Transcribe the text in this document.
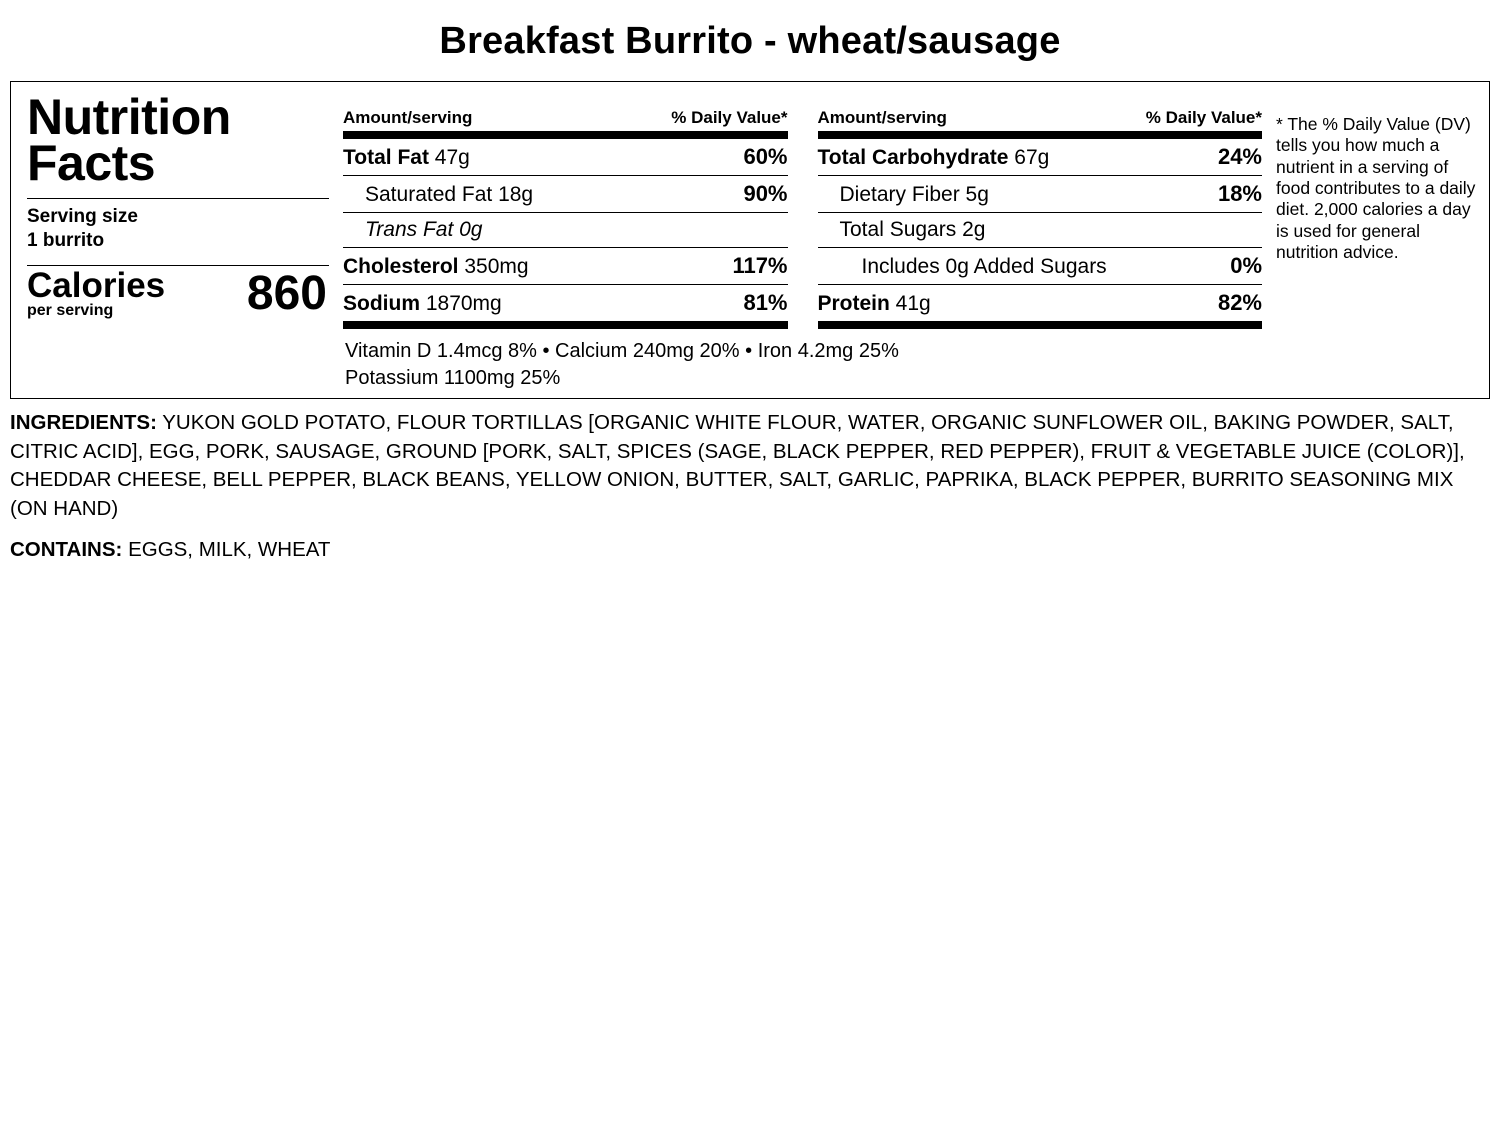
Breakfast Burrito - wheat/sausage
Nutrition
Facts
Serving size
1 burrito
Calories
per serving	860
Amount/serving	% Daily Value*
Total Fat 47g	60%
Saturated Fat 18g	90%
Trans Fat 0g
Cholesterol 350mg	117%
Sodium 1870mg	81%
Amount/serving	% Daily Value*
Total Carbohydrate 67g	24%
Dietary Fiber 5g	18%
Total Sugars 2g
Includes 0g Added Sugars	0%
Protein 41g	82%
Vitamin D 1.4mcg 8% • Calcium 240mg 20% • Iron 4.2mg 25%
Potassium 1100mg 25%
* The % Daily Value (DV) tells you how much a nutrient in a serving of food contributes to a daily diet. 2,000 calories a day is used for general nutrition advice.
INGREDIENTS: YUKON GOLD POTATO, FLOUR TORTILLAS [ORGANIC WHITE FLOUR, WATER, ORGANIC SUNFLOWER OIL, BAKING POWDER, SALT, CITRIC ACID], EGG, PORK, SAUSAGE, GROUND [PORK, SALT, SPICES (SAGE, BLACK PEPPER, RED PEPPER), FRUIT & VEGETABLE JUICE (COLOR)], CHEDDAR CHEESE, BELL PEPPER, BLACK BEANS, YELLOW ONION, BUTTER, SALT, GARLIC, PAPRIKA, BLACK PEPPER, BURRITO SEASONING MIX (ON HAND)
CONTAINS: EGGS, MILK, WHEAT
